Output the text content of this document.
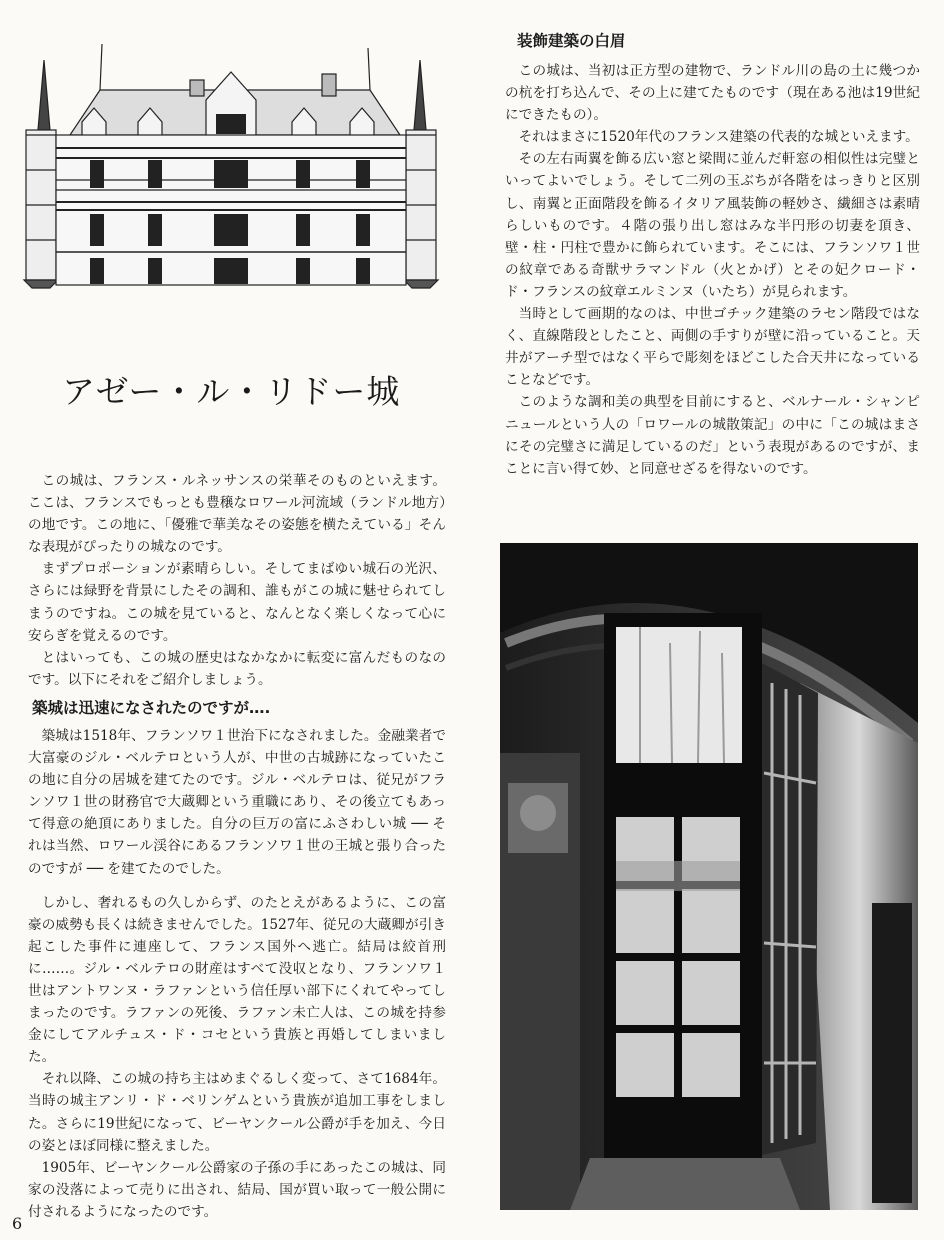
アゼー・ル・リドー城

この城は、フランス・ルネッサンスの栄華そのものといえます。ここは、フランスでもっとも豊穣なロワール河流域（ランドル地方）の地です。この地に、「優雅で華美なその姿態を横たえている」そんな表現がぴったりの城なのです。

まずプロポーションが素晴らしい。そしてまばゆい城石の光沢、さらには緑野を背景にしたその調和、誰もがこの城に魅せられてしまうのですね。この城を見ていると、なんとなく楽しくなって心に安らぎを覚えるのです。

とはいっても、この城の歴史はなかなかに転変に富んだものなのです。以下にそれをご紹介しましょう。

築城は迅速になされたのですが….

築城は1518年、フランソワ１世治下になされました。金融業者で大富豪のジル・ベルテロという人が、中世の古城跡になっていたこの地に自分の居城を建てたのです。ジル・ベルテロは、従兄がフランソワ１世の財務官で大蔵卿という重職にあり、その後立てもあって得意の絶頂にありました。自分の巨万の富にふさわしい城 ── それは当然、ロワール渓谷にあるフランソワ１世の王城と張り合ったのですが ── を建てたのでした。

しかし、奢れるもの久しからず、のたとえがあるように、この富豪の威勢も長くは続きませんでした。1527年、従兄の大蔵卿が引き起こした事件に連座して、フランス国外へ逃亡。結局は絞首刑に……。ジル・ベルテロの財産はすべて没収となり、フランソワ１世はアントワンヌ・ラファンという信任厚い部下にくれてやってしまったのです。ラファンの死後、ラファン未亡人は、この城を持参金にしてアルチュス・ド・コセという貴族と再婚してしまいました。

それ以降、この城の持ち主はめまぐるしく変って、さて1684年。当時の城主アンリ・ド・ベリンゲムという貴族が追加工事をしました。さらに19世紀になって、ビーヤンクール公爵が手を加え、今日の姿とほぼ同様に整えました。

1905年、ビーヤンクール公爵家の子孫の手にあったこの城は、同家の没落によって売りに出され、結局、国が買い取って一般公開に付されるようになったのです。

装飾建築の白眉

この城は、当初は正方型の建物で、ランドル川の島の土に幾つかの杭を打ち込んで、その上に建てたものです（現在ある池は19世紀にできたもの）。

それはまさに1520年代のフランス建築の代表的な城といえます。

その左右両翼を飾る広い窓と梁間に並んだ軒窓の相似性は完璧といってよいでしょう。そして二列の玉ぶちが各階をはっきりと区別し、南翼と正面階段を飾るイタリア風装飾の軽妙さ、繊細さは素晴らしいものです。４階の張り出し窓はみな半円形の切妻を頂き、壁・柱・円柱で豊かに飾られています。そこには、フランソワ１世の紋章である奇獣サラマンドル（火とかげ）とその妃クロード・ド・フランスの紋章エルミンヌ（いたち）が見られます。

当時として画期的なのは、中世ゴチック建築のラセン階段ではなく、直線階段としたこと、両側の手すりが壁に沿っていること。天井がアーチ型ではなく平らで彫刻をほどこした合天井になっていることなどです。

このような調和美の典型を目前にすると、ベルナール・シャンピニュールという人の「ロワールの城散策記」の中に「この城はまさにその完璧さに満足しているのだ」という表現があるのですが、まことに言い得て妙、と同意せざるを得ないのです。

6
